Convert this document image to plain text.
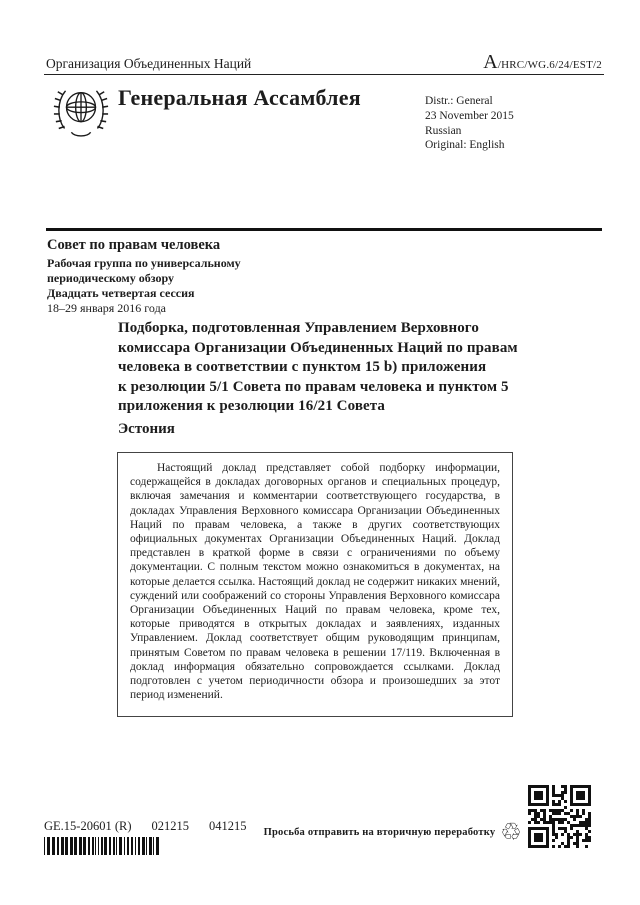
Организация Объединенных Наций	A/HRC/WG.6/24/EST/2
Генеральная Ассамблея	Distr.: General
23 November 2015
Russian
Original: English
Совет по правам человека
Рабочая группа по универсальному
периодическому обзору
Двадцать четвертая сессия
18–29 января 2016 года
Подборка, подготовленная Управлением Верховного
комиссара Организации Объединенных Наций по правам
человека в соответствии с пунктом 15 b) приложения
к резолюции 5/1 Совета по правам человека и пунктом 5
приложения к резолюции 16/21 Совета
Эстония

Настоящий доклад представляет собой подборку информации, содержащейся в докладах договорных органов и специальных процедур, включая замечания и комментарии соответствующего государства, в докладах Управления Верховного комиссара Организации Объединенных Наций по правам человека, а также в других соответствующих официальных документах Организации Объединенных Наций. Доклад представлен в краткой форме в связи с ограничениями по объему документации. С полным текстом можно ознакомиться в документах, на которые делается ссылка. Настоящий доклад не содержит никаких мнений, суждений или соображений со стороны Управления Верховного комиссара Организации Объединенных Наций по правам человека, кроме тех, которые приводятся в открытых докладах и заявлениях, изданных Управлением. Доклад соответствует общим руководящим принципам, принятым Советом по правам человека в решении 17/119. Включенная в доклад информация обязательно сопровождается ссылками. Доклад подготовлен с учетом периодичности обзора и произошедших за этот период изменений.

GE.15-20601 (R) 021215 041215	Просьба отправить на вторичную переработку ♲
